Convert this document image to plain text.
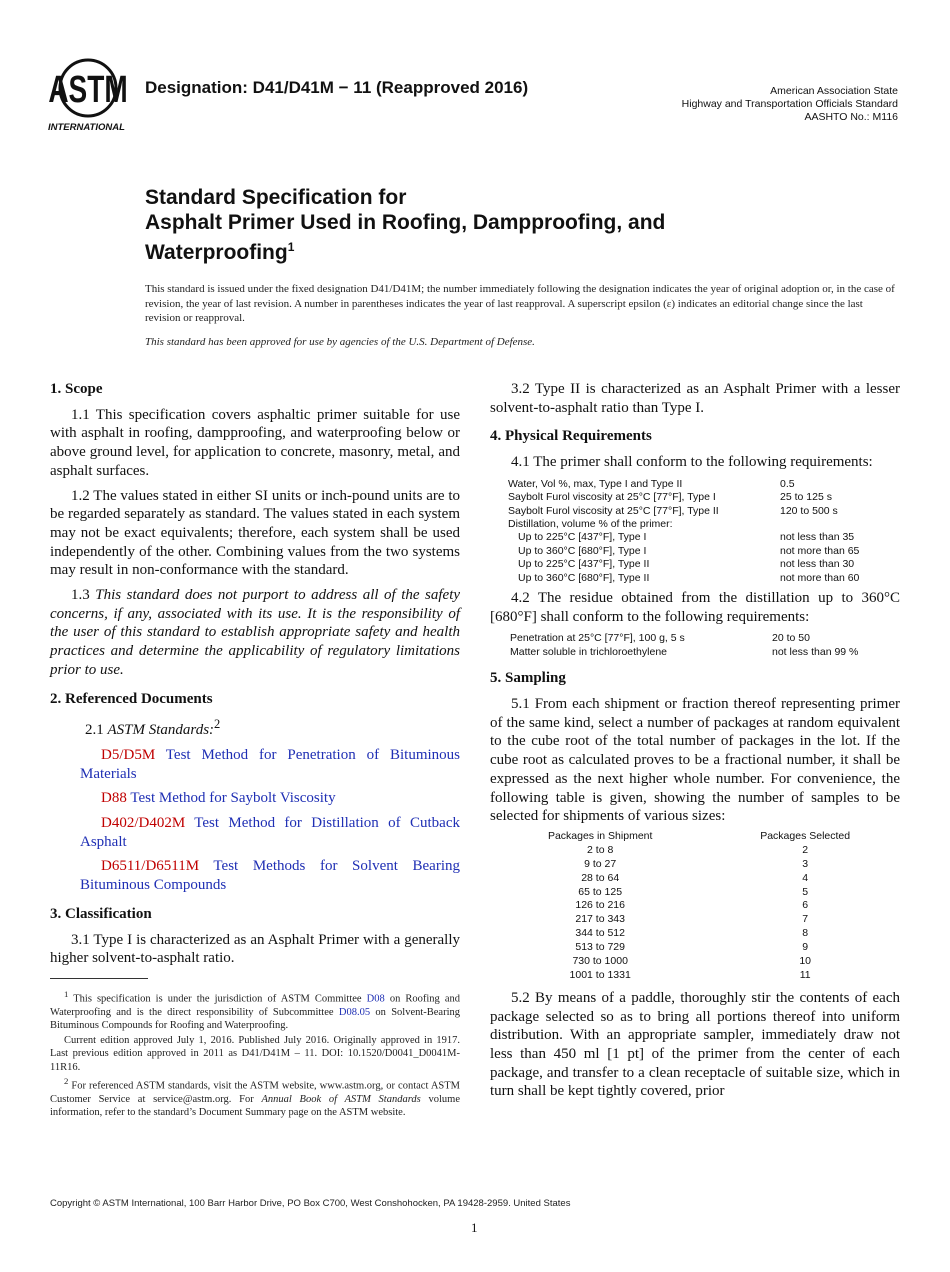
ASTM
INTERNATIONAL
Designation: D41/D41M − 11 (Reapproved 2016)	American Association State
Highway and Transportation Officials Standard
AASHTO No.: M116
Standard Specification for
Asphalt Primer Used in Roofing, Dampproofing, and
Waterproofing$^1$
This standard is issued under the fixed designation D41/D41M; the number immediately following the designation indicates the year of original adoption or, in the case of revision, the year of last revision. A number in parentheses indicates the year of last reapproval. A superscript epsilon (ε) indicates an editorial change since the last revision or reapproval.
This standard has been approved for use by agencies of the U.S. Department of Defense.
1. Scope

1.1 This specification covers asphaltic primer suitable for use with asphalt in roofing, dampproofing, and waterproofing below or above ground level, for application to concrete, masonry, metal, and asphalt surfaces.

1.2 The values stated in either SI units or inch-pound units are to be regarded separately as standard. The values stated in each system may not be exact equivalents; therefore, each system shall be used independently of the other. Combining values from the two systems may result in non-conformance with the standard.

1.3 This standard does not purport to address all of the safety concerns, if any, associated with its use. It is the responsibility of the user of this standard to establish appropriate safety and health practices and determine the applicability of regulatory limitations prior to use.

2. Referenced Documents

2.1 ASTM Standards:$^2$

D5/D5M Test Method for Penetration of Bituminous Materials

D88 Test Method for Saybolt Viscosity

D402/D402M Test Method for Distillation of Cutback Asphalt

D6511/D6511M Test Methods for Solvent Bearing Bituminous Compounds

3. Classification

3.1 Type I is characterized as an Asphalt Primer with a generally higher solvent-to-asphalt ratio.

$^1$ This specification is under the jurisdiction of ASTM Committee D08 on Roofing and Waterproofing and is the direct responsibility of Subcommittee D08.05 on Solvent-Bearing Bituminous Compounds for Roofing and Waterproofing.

Current edition approved July 1, 2016. Published July 2016. Originally approved in 1917. Last previous edition approved in 2011 as D41/D41M – 11. DOI: 10.1520/D0041_D0041M-11R16.

$^2$ For referenced ASTM standards, visit the ASTM website, www.astm.org, or contact ASTM Customer Service at service@astm.org. For Annual Book of ASTM Standards volume information, refer to the standard’s Document Summary page on the ASTM website.

3.2 Type II is characterized as an Asphalt Primer with a lesser solvent-to-asphalt ratio than Type I.

4. Physical Requirements

4.1 The primer shall conform to the following requirements:

Water, Vol %, max, Type I and Type II	0.5
Saybolt Furol viscosity at 25°C [77°F], Type I	25 to 125 s
Saybolt Furol viscosity at 25°C [77°F], Type II	120 to 500 s
Distillation, volume % of the primer:	
Up to 225°C [437°F], Type I	not less than 35
Up to 360°C [680°F], Type I	not more than 65
Up to 225°C [437°F], Type II	not less than 30
Up to 360°C [680°F], Type II	not more than 60

4.2 The residue obtained from the distillation up to 360°C [680°F] shall conform to the following requirements:

Penetration at 25°C [77°F], 100 g, 5 s	20 to 50
Matter soluble in trichloroethylene	not less than 99 %
5. Sampling

5.1 From each shipment or fraction thereof representing primer of the same kind, select a number of packages at random equivalent to the cube root of the total number of packages in the lot. If the cube root as calculated proves to be a fractional number, it shall be expressed as the next higher whole number. For convenience, the following table is given, showing the number of samples to be selected for shipments of various sizes:

Packages in Shipment	Packages Selected
2 to 8	2
9 to 27	3
28 to 64	4
65 to 125	5
126 to 216	6
217 to 343	7
344 to 512	8
513 to 729	9
730 to 1000	10
1001 to 1331	11

5.2 By means of a paddle, thoroughly stir the contents of each package selected so as to bring all portions thereof into uniform distribution. With an appropriate sampler, immediately draw not less than 450 ml [1 pt] of the primer from the center of each package, and transfer to a clean receptacle of suitable size, which in turn shall be kept tightly covered, prior

Copyright © ASTM International, 100 Barr Harbor Drive, PO Box C700, West Conshohocken, PA 19428-2959. United States
1
